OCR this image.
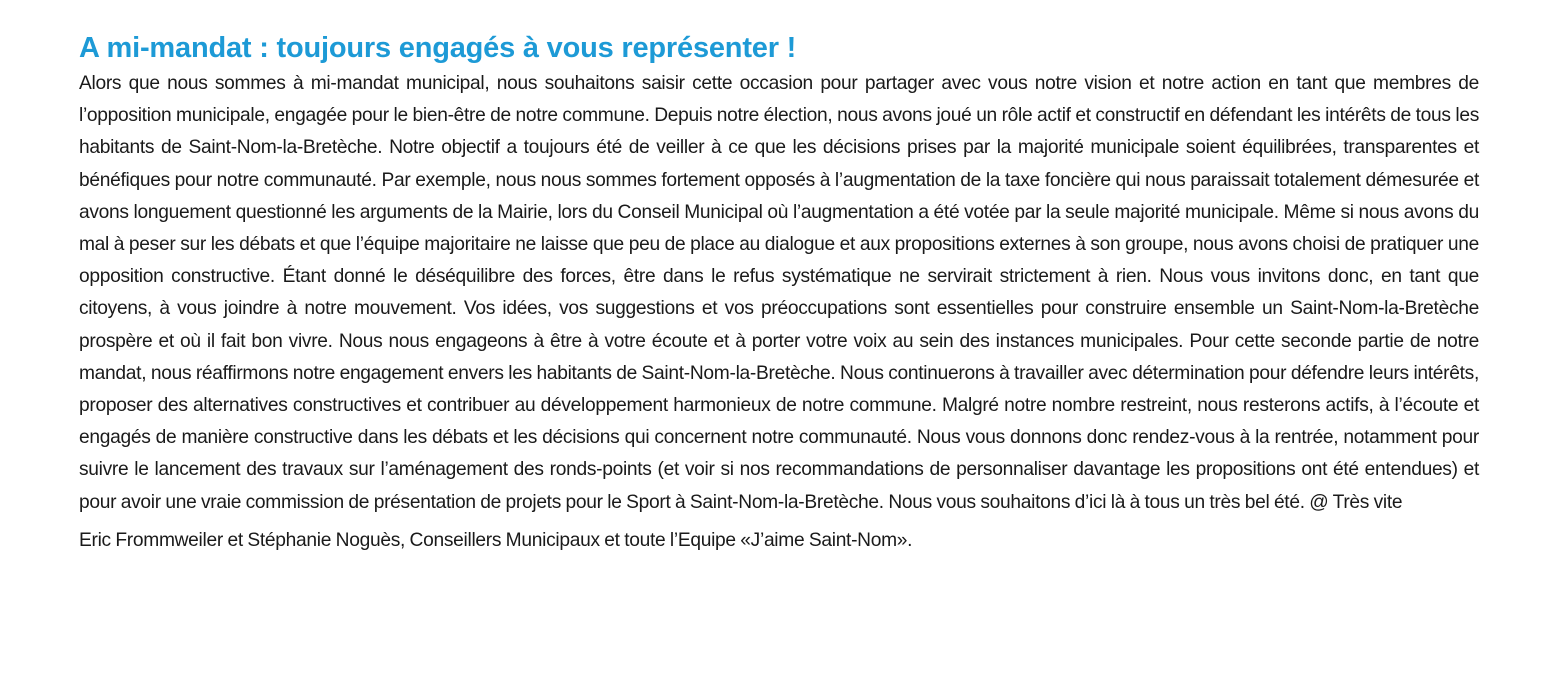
A mi-mandat : toujours engagés à vous représenter !

Alors que nous sommes à mi-mandat municipal, nous souhaitons saisir cette occasion pour partager avec vous notre vision et notre action en tant que membres de l’opposition municipale, engagée pour le bien-être de notre commune. Depuis notre élection, nous avons joué un rôle actif et constructif en défendant les intérêts de tous les habitants de Saint-Nom-la-Bretèche. Notre objectif a toujours été de veiller à ce que les décisions prises par la majorité municipale soient équilibrées, transparentes et bénéfiques pour notre communauté. Par exemple, nous nous sommes fortement opposés à l’augmentation de la taxe foncière qui nous paraissait totalement démesurée et avons longuement questionné les arguments de la Mairie, lors du Conseil Municipal où l’augmentation a été votée par la seule majorité municipale. Même si nous avons du mal à peser sur les débats et que l’équipe majoritaire ne laisse que peu de place au dialogue et aux propositions externes à son groupe, nous avons choisi de pratiquer une opposition constructive. Étant donné le déséquilibre des forces, être dans le refus systématique ne servirait strictement à rien. Nous vous invitons donc, en tant que citoyens, à vous joindre à notre mouvement. Vos idées, vos suggestions et vos préoccupations sont essentielles pour construire ensemble un Saint-Nom-la-Bretèche prospère et où il fait bon vivre. Nous nous engageons à être à votre écoute et à porter votre voix au sein des instances municipales. Pour cette seconde partie de notre mandat, nous réaffirmons notre engagement envers les habitants de Saint-Nom-la-Bretèche. Nous continuerons à travailler avec détermination pour défendre leurs intérêts, proposer des alternatives constructives et contribuer au développement harmonieux de notre commune. Malgré notre nombre restreint, nous resterons actifs, à l’écoute et engagés de manière constructive dans les débats et les décisions qui concernent notre communauté. Nous vous donnons donc rendez-vous à la rentrée, notamment pour suivre le lancement des travaux sur l’aménagement des ronds-points (et voir si nos recommandations de personnaliser davantage les propositions ont été entendues) et pour avoir une vraie commission de présentation de projets pour le Sport à Saint-Nom-la-Bretèche. Nous vous souhaitons d’ici là à tous un très bel été. @ Très vite

Eric Frommweiler et Stéphanie Noguès, Conseillers Municipaux et toute l’Equipe «J’aime Saint-Nom».
